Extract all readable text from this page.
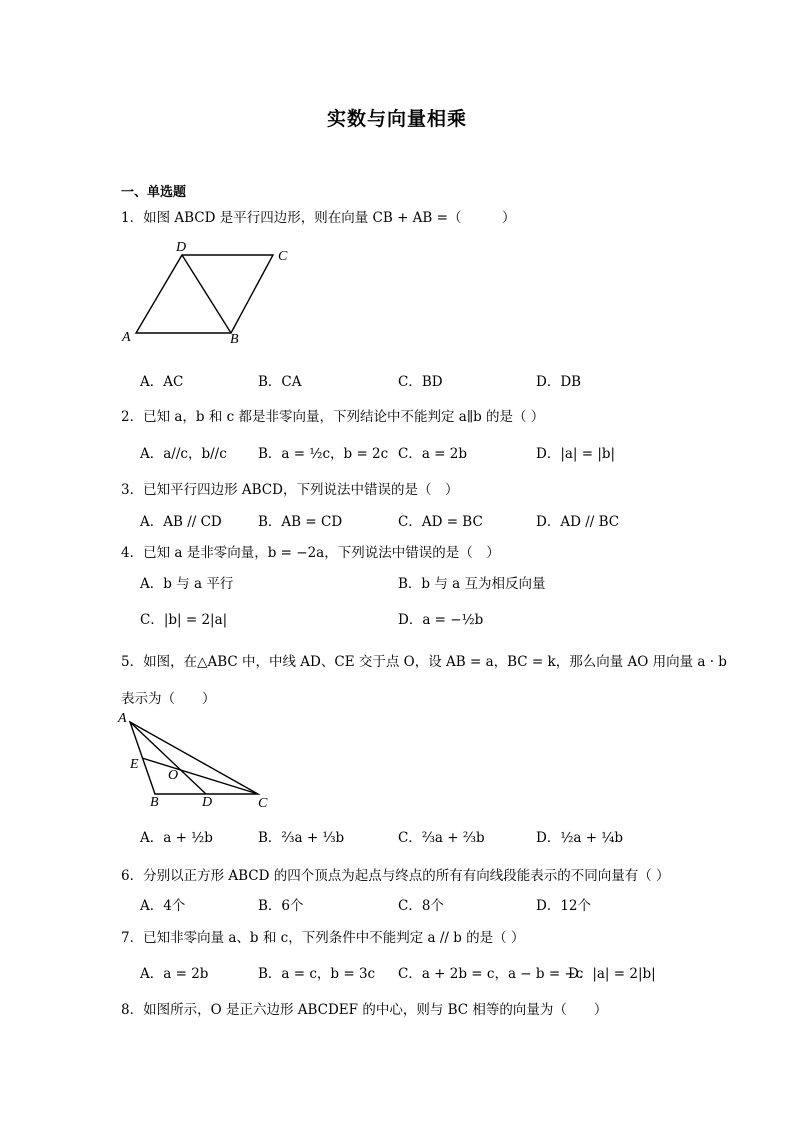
实数与向量相乘
一、单选题
1．如图 ABCD 是平行四边形，则在向量 CB + AB =（　　　）
D
C
A	B
A．AC	B．CA	C．BD	D．DB
2．已知 a，b 和 c 都是非零向量，下列结论中不能判定 a∥b 的是（ ）
A．a//c，b//c B．a = ½c，b = 2c C．a = 2b	D．|a| = |b|
3．已知平行四边形 ABCD，下列说法中错误的是（　）
A．AB // CD	B．AB = CD	C．AD = BC	D．AD // BC
4．已知 a 是非零向量，b = −2a，下列说法中错误的是（　）
A．b 与 a 平行	B．b 与 a 互为相反向量
C．|b| = 2|a|	D．a = −½b
5．如图，在△ABC 中，中线 AD、CE 交于点 O，设 AB = a，BC = k，那么向量 AO 用向量 a · b
表示为（　　）
A
E
O
B	D	C
A．a + ½b	B．⅔a + ⅓b	C．⅔a + ⅔b	D．½a + ¼b
6．分别以正方形 ABCD 的四个顶点为起点与终点的所有有向线段能表示的不同向量有（ ）
A．4个	B．6个	C．8个	D．12个
7．已知非零向量 a、b 和 c，下列条件中不能判定 a // b 的是（ ）
A．a = 2b	B．a = c，b = 3c C．a + 2b = c，a − b = −c
D．|a| = 2|b|
8．如图所示，O 是正六边形 ABCDEF 的中心，则与 BC 相等的向量为（　　）
